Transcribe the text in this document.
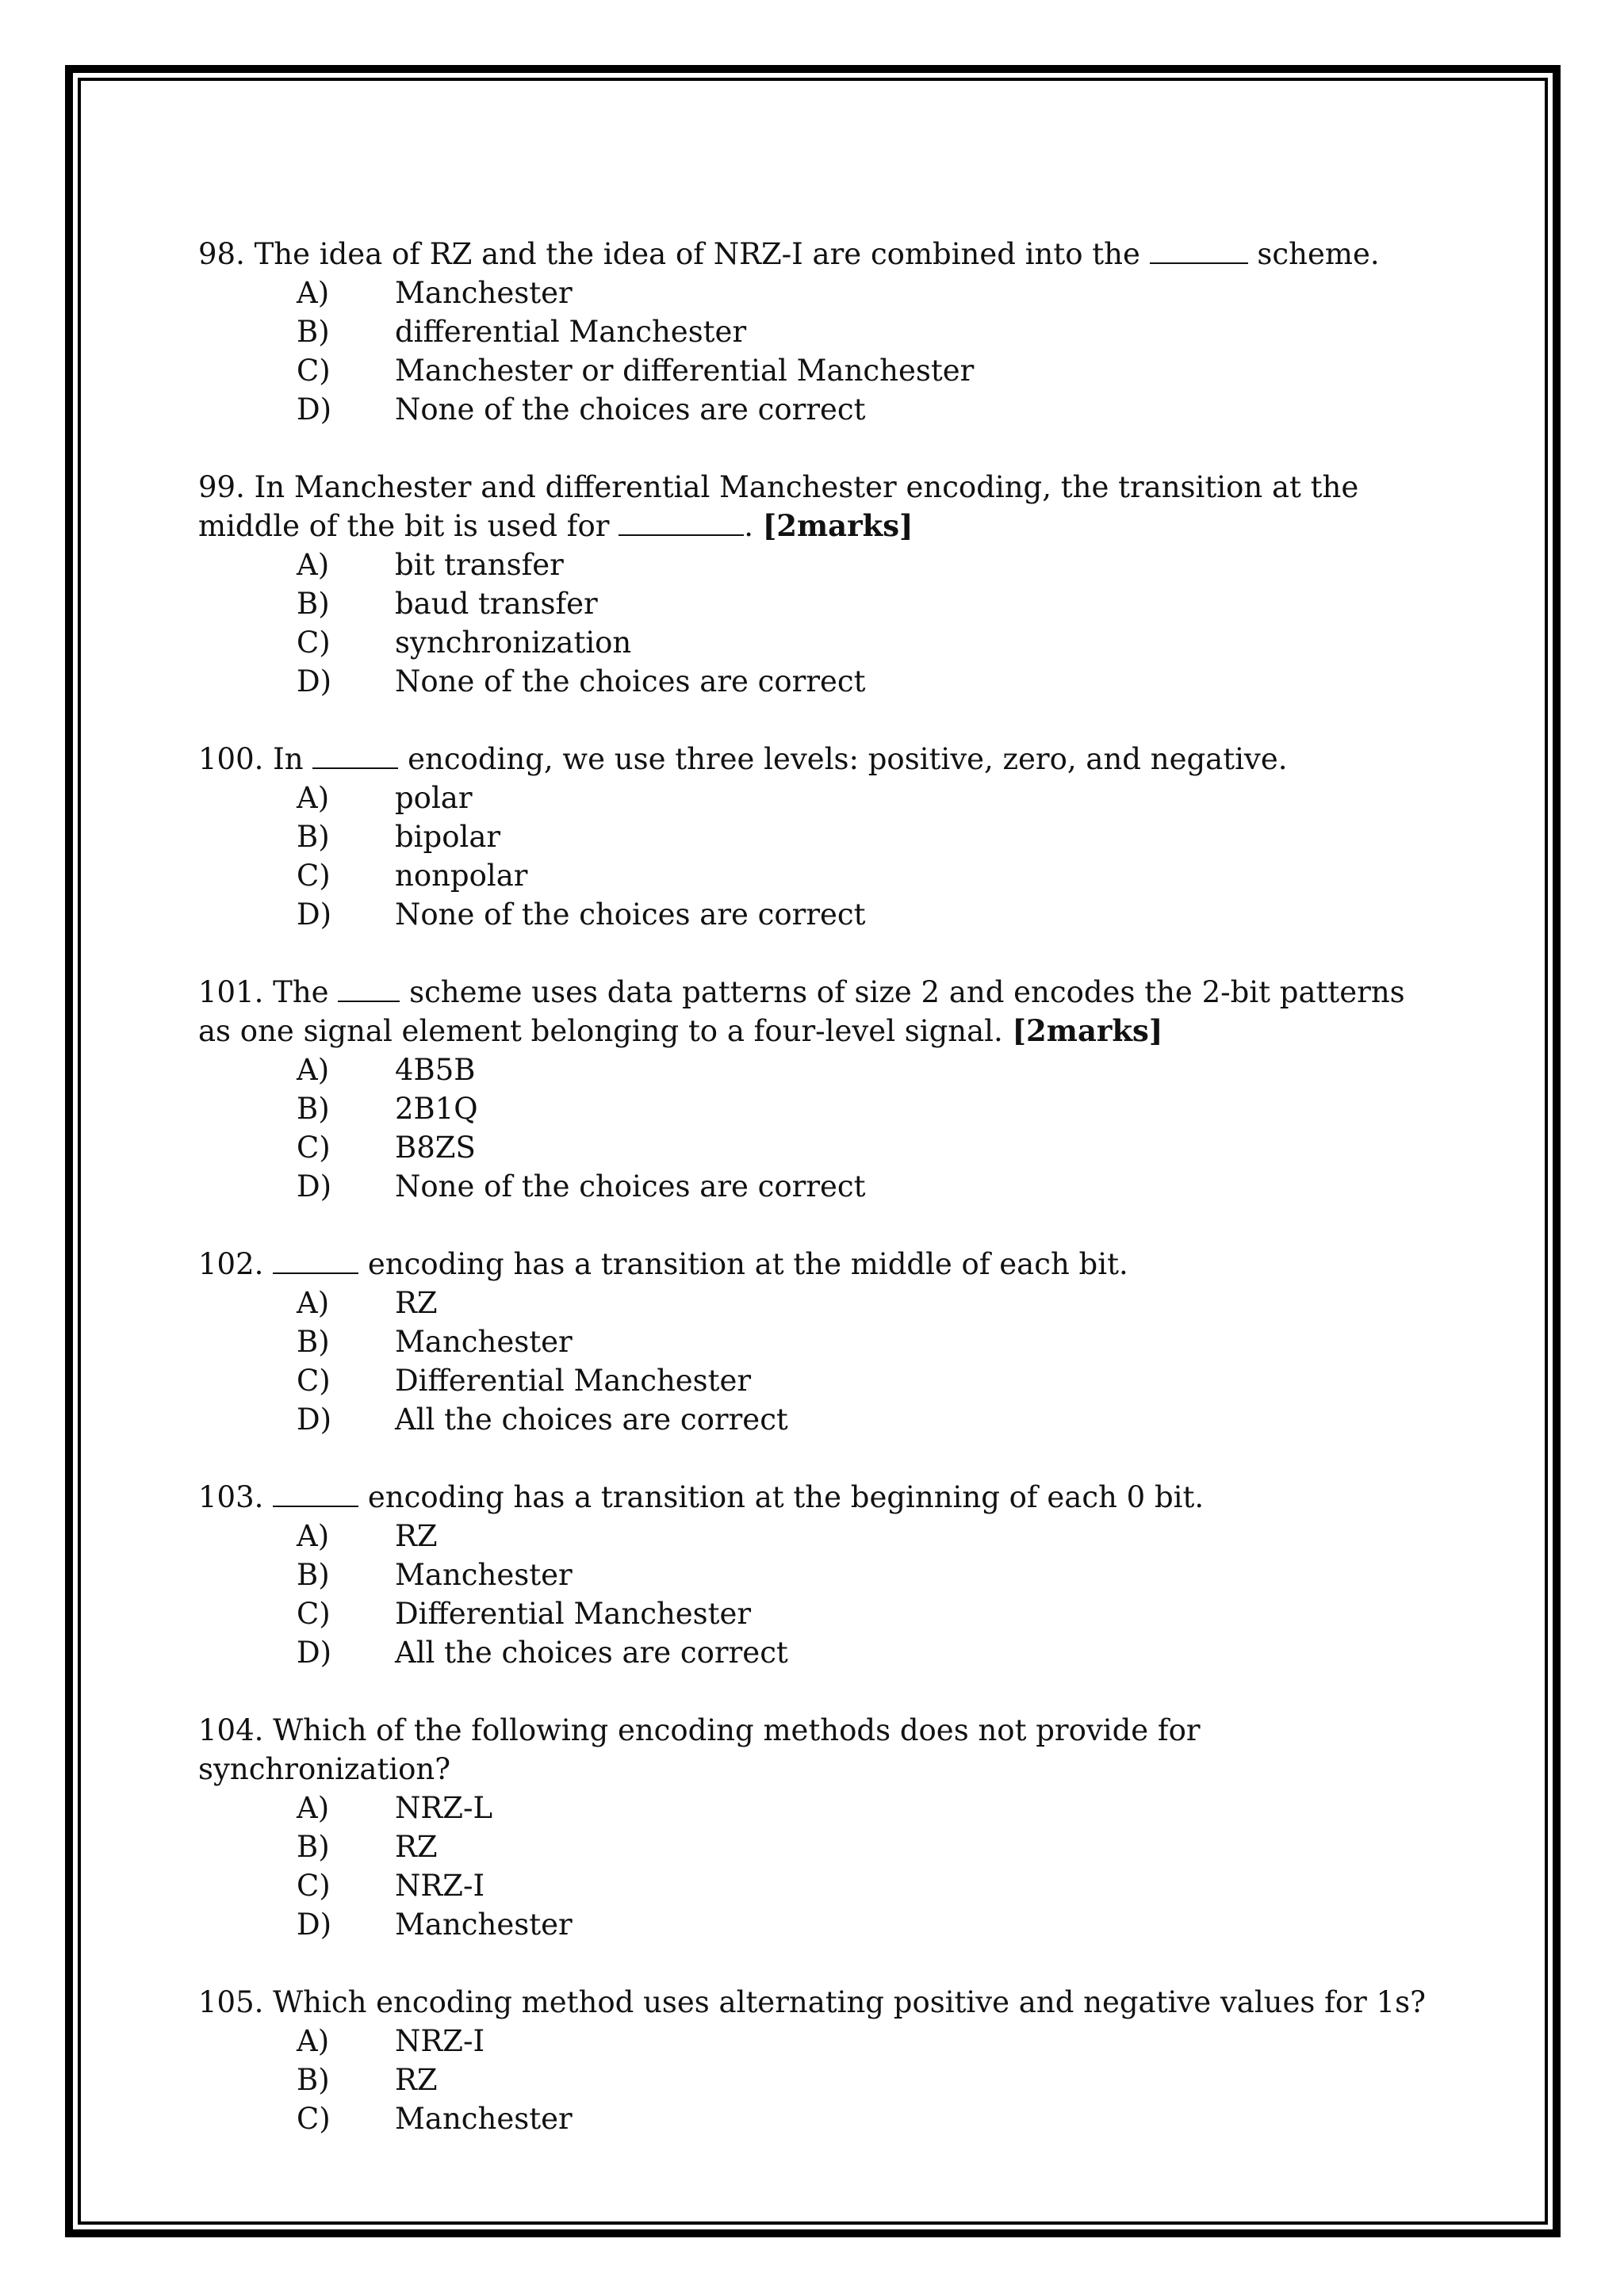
98. The idea of RZ and the idea of NRZ-I are combined into the	scheme.

A)	Manchester
B)	differential Manchester
C)	Manchester or differential Manchester
D)	None of the choices are correct

99. In Manchester and differential Manchester encoding, the transition at the middle of the bit is used for	. [2marks]

A)	bit transfer
B)	baud transfer
C)	synchronization
D)	None of the choices are correct

100. In	encoding, we use three levels: positive, zero, and negative.

A)	polar
B)	bipolar
C)	nonpolar
D)	None of the choices are correct

101. The	scheme uses data patterns of size 2 and encodes the 2-bit patterns as one signal element belonging to a four-level signal. [2marks]

A)	4B5B
B)	2B1Q
C)	B8ZS
D)	None of the choices are correct

102.	encoding has a transition at the middle of each bit.

A)	RZ
B)	Manchester
C)	Differential Manchester
D)	All the choices are correct

103.	encoding has a transition at the beginning of each 0 bit.

A)	RZ
B)	Manchester
C)	Differential Manchester
D)	All the choices are correct

104. Which of the following encoding methods does not provide for synchronization?

A)	NRZ-L
B)	RZ
C)	NRZ-I
D)	Manchester

105. Which encoding method uses alternating positive and negative values for 1s?

A)	NRZ-I
B)	RZ
C)	Manchester
